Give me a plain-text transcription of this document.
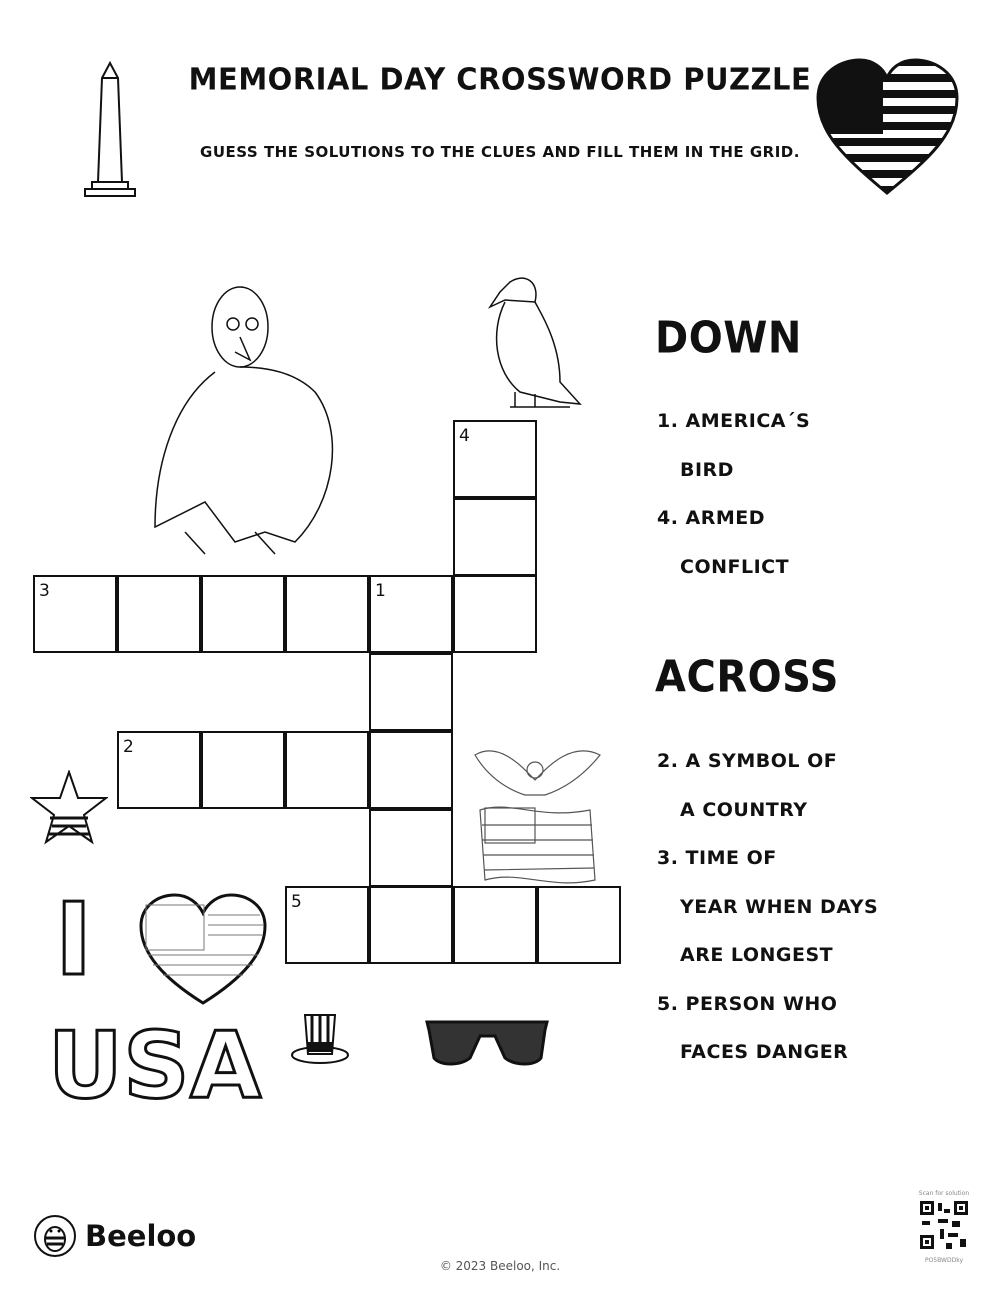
MEMORIAL DAY CROSSWORD PUZZLE
GUESS THE SOLUTIONS TO THE CLUES AND FILL THEM IN THE GRID.
I
USA
4
3	1
2
5
DOWN
1. AMERICA´S
BIRD
4. ARMED
CONFLICT
ACROSS
2. A SYMBOL OF
A COUNTRY
3. TIME OF
YEAR WHEN DAYS
ARE LONGEST
5. PERSON WHO
FACES DANGER
Beeloo
© 2023 Beeloo, Inc.
Scan for solution
PO5BWDDky
